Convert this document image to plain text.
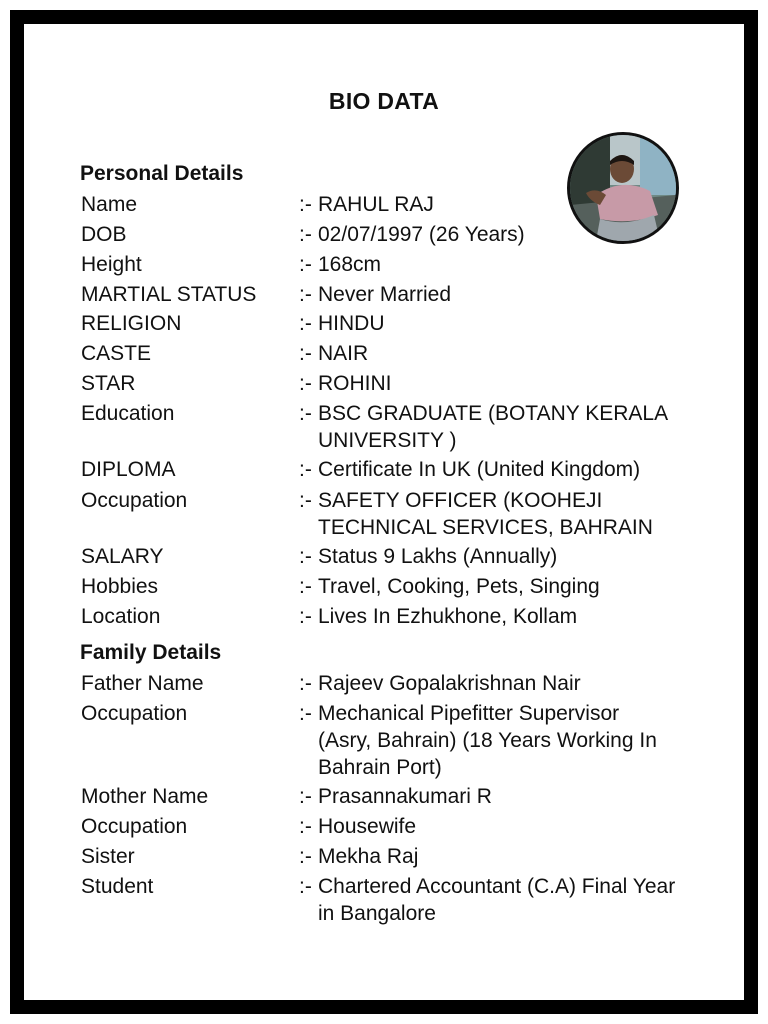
BIO DATA
Personal Details
Name	:- RAHUL RAJ
DOB	:- 02/07/1997 (26 Years)
Height	:- 168cm
MARTIAL STATUS	:- Never Married
RELIGION	:- HINDU
CASTE	:- NAIR
STAR	:- ROHINI
Education	:- BSC GRADUATE (BOTANY KERALA UNIVERSITY )
DIPLOMA	:- Certificate In UK (United Kingdom)
Occupation	:- SAFETY OFFICER (KOOHEJI TECHNICAL SERVICES, BAHRAIN
SALARY	:- Status 9 Lakhs (Annually)
Hobbies	:- Travel, Cooking, Pets, Singing
Location	:- Lives In Ezhukhone, Kollam
Family Details
Father Name	:- Rajeev Gopalakrishnan Nair
Occupation	:- Mechanical Pipefitter Supervisor (Asry, Bahrain) (18 Years Working In Bahrain Port)
Mother Name	:- Prasannakumari R
Occupation	:- Housewife
Sister	:- Mekha Raj
Student	:- Chartered Accountant (C.A) Final Year in Bangalore
